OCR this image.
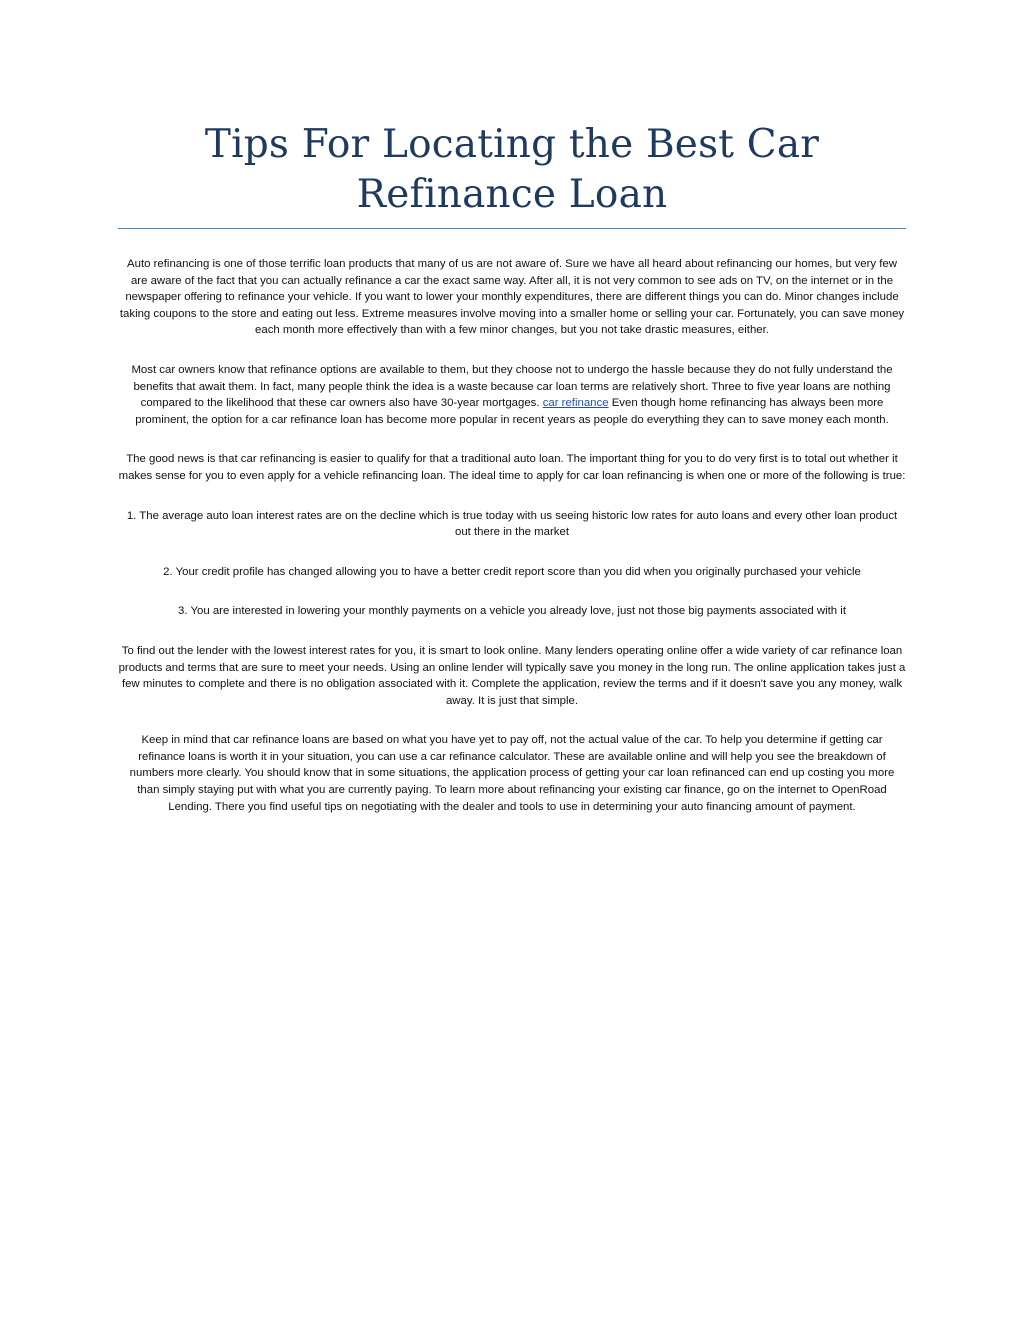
Tips For Locating the Best Car Refinance Loan

Auto refinancing is one of those terrific loan products that many of us are not aware of. Sure we have all heard about refinancing our homes, but very few are aware of the fact that you can actually refinance a car the exact same way. After all, it is not very common to see ads on TV, on the internet or in the newspaper offering to refinance your vehicle. If you want to lower your monthly expenditures, there are different things you can do. Minor changes include taking coupons to the store and eating out less. Extreme measures involve moving into a smaller home or selling your car. Fortunately, you can save money each month more effectively than with a few minor changes, but you not take drastic measures, either.

Most car owners know that refinance options are available to them, but they choose not to undergo the hassle because they do not fully understand the benefits that await them. In fact, many people think the idea is a waste because car loan terms are relatively short. Three to five year loans are nothing compared to the likelihood that these car owners also have 30-year mortgages. car refinance Even though home refinancing has always been more prominent, the option for a car refinance loan has become more popular in recent years as people do everything they can to save money each month.

The good news is that car refinancing is easier to qualify for that a traditional auto loan. The important thing for you to do very first is to total out whether it makes sense for you to even apply for a vehicle refinancing loan. The ideal time to apply for car loan refinancing is when one or more of the following is true:

1. The average auto loan interest rates are on the decline which is true today with us seeing historic low rates for auto loans and every other loan product out there in the market

2. Your credit profile has changed allowing you to have a better credit report score than you did when you originally purchased your vehicle

3. You are interested in lowering your monthly payments on a vehicle you already love, just not those big payments associated with it

To find out the lender with the lowest interest rates for you, it is smart to look online. Many lenders operating online offer a wide variety of car refinance loan products and terms that are sure to meet your needs. Using an online lender will typically save you money in the long run. The online application takes just a few minutes to complete and there is no obligation associated with it. Complete the application, review the terms and if it doesn't save you any money, walk away. It is just that simple.

Keep in mind that car refinance loans are based on what you have yet to pay off, not the actual value of the car. To help you determine if getting car refinance loans is worth it in your situation, you can use a car refinance calculator. These are available online and will help you see the breakdown of numbers more clearly. You should know that in some situations, the application process of getting your car loan refinanced can end up costing you more than simply staying put with what you are currently paying. To learn more about refinancing your existing car finance, go on the internet to OpenRoad Lending. There you find useful tips on negotiating with the dealer and tools to use in determining your auto financing amount of payment.
